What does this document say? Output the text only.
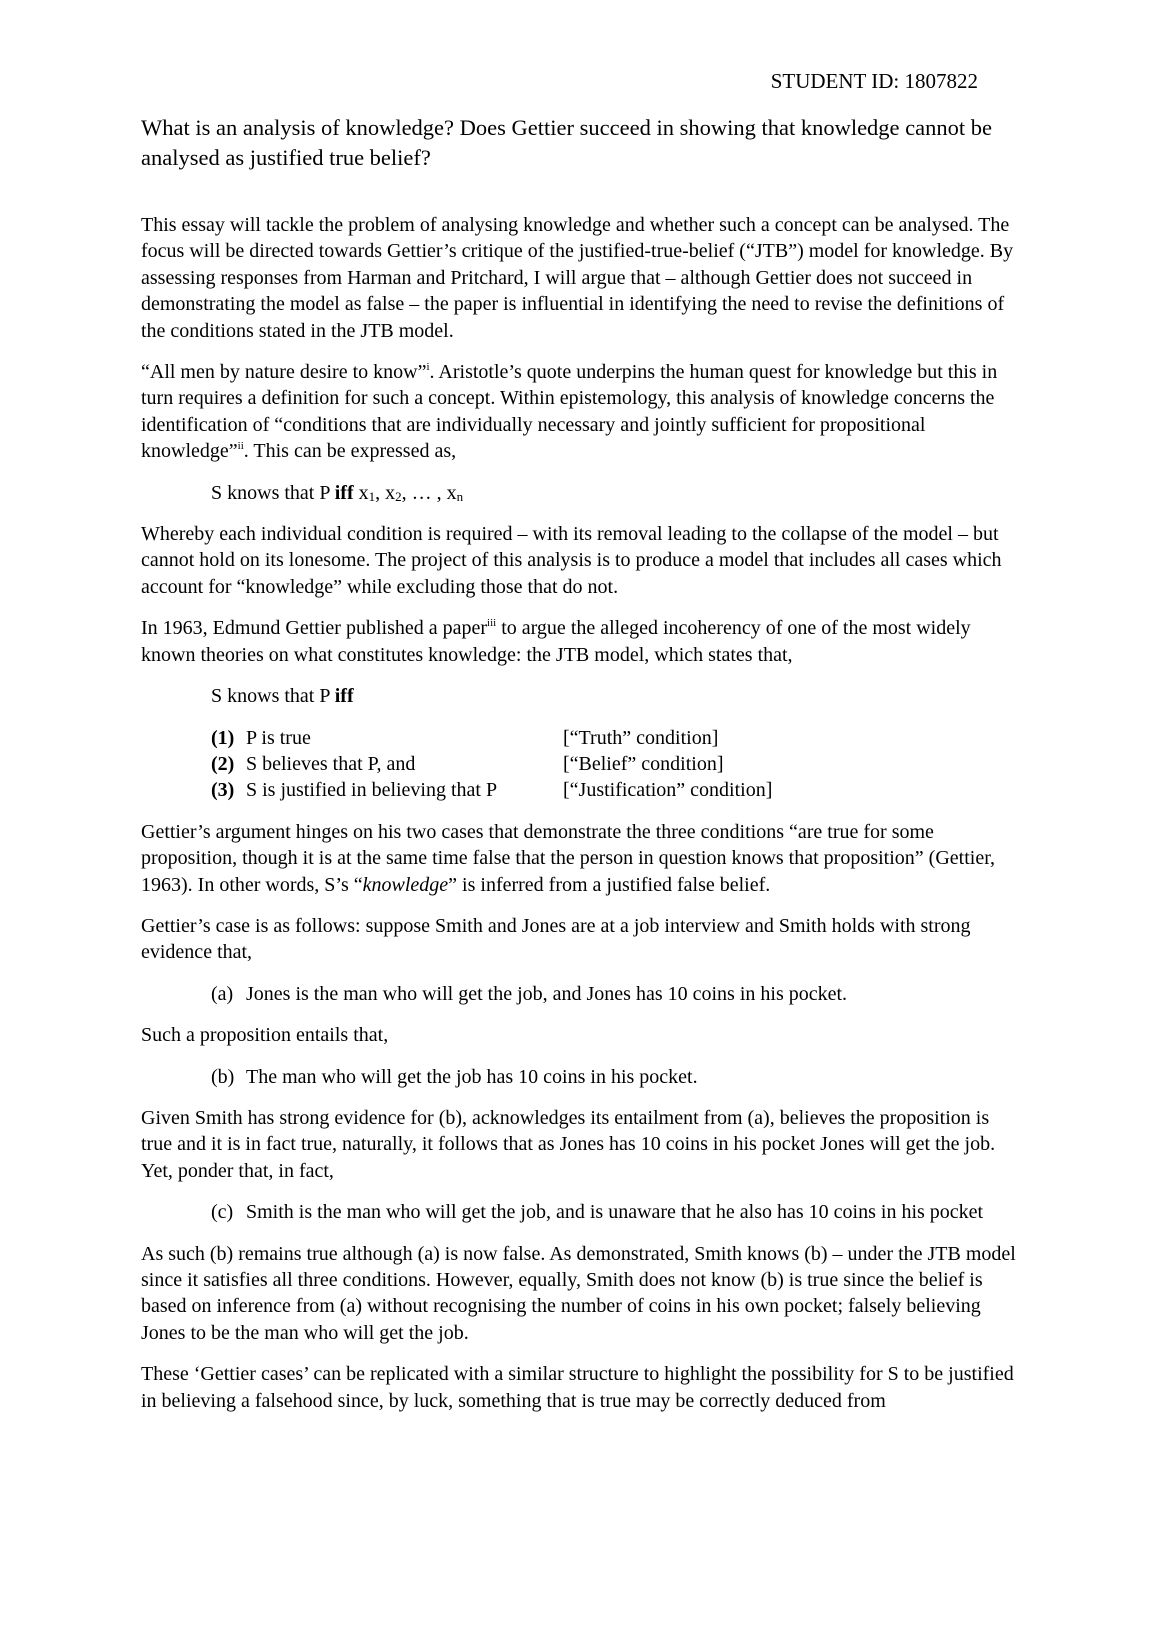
STUDENT ID: 1807822
What is an analysis of knowledge? Does Gettier succeed in showing that knowledge cannot be analysed as justified true belief?

This essay will tackle the problem of analysing knowledge and whether such a concept can be analysed. The focus will be directed towards Gettier’s critique of the justified-true-belief (“JTB”) model for knowledge. By assessing responses from Harman and Pritchard, I will argue that – although Gettier does not succeed in demonstrating the model as false – the paper is influential in identifying the need to revise the definitions of the conditions stated in the JTB model.

“All men by nature desire to know”$^i$. Aristotle’s quote underpins the human quest for knowledge but this in turn requires a definition for such a concept. Within epistemology, this analysis of knowledge concerns the identification of “conditions that are individually necessary and jointly sufficient for propositional knowledge”$^{ii}$. This can be expressed as,

S knows that P iff $x_1$, $x_2$, … , $x_n$

Whereby each individual condition is required – with its removal leading to the collapse of the model – but cannot hold on its lonesome. The project of this analysis is to produce a model that includes all cases which account for “knowledge” while excluding those that do not.

In 1963, Edmund Gettier published a paper$^{iii}$ to argue the alleged incoherency of one of the most widely known theories on what constitutes knowledge: the JTB model, which states that,

S knows that P iff

(1) P is true	[“Truth” condition]
(2) S believes that P, and	[“Belief” condition]
(3) S is justified in believing that P	[“Justification” condition]

Gettier’s argument hinges on his two cases that demonstrate the three conditions “are true for some proposition, though it is at the same time false that the person in question knows that proposition” (Gettier, 1963). In other words, S’s “knowledge” is inferred from a justified false belief.

Gettier’s case is as follows: suppose Smith and Jones are at a job interview and Smith holds with strong evidence that,

(a) Jones is the man who will get the job, and Jones has 10 coins in his pocket.

Such a proposition entails that,

(b) The man who will get the job has 10 coins in his pocket.

Given Smith has strong evidence for (b), acknowledges its entailment from (a), believes the proposition is true and it is in fact true, naturally, it follows that as Jones has 10 coins in his pocket Jones will get the job. Yet, ponder that, in fact,

(c) Smith is the man who will get the job, and is unaware that he also has 10 coins in his pocket

As such (b) remains true although (a) is now false. As demonstrated, Smith knows (b) – under the JTB model since it satisfies all three conditions. However, equally, Smith does not know (b) is true since the belief is based on inference from (a) without recognising the number of coins in his own pocket; falsely believing Jones to be the man who will get the job.

These ‘Gettier cases’ can be replicated with a similar structure to highlight the possibility for S to be justified in believing a falsehood since, by luck, something that is true may be correctly deduced from
